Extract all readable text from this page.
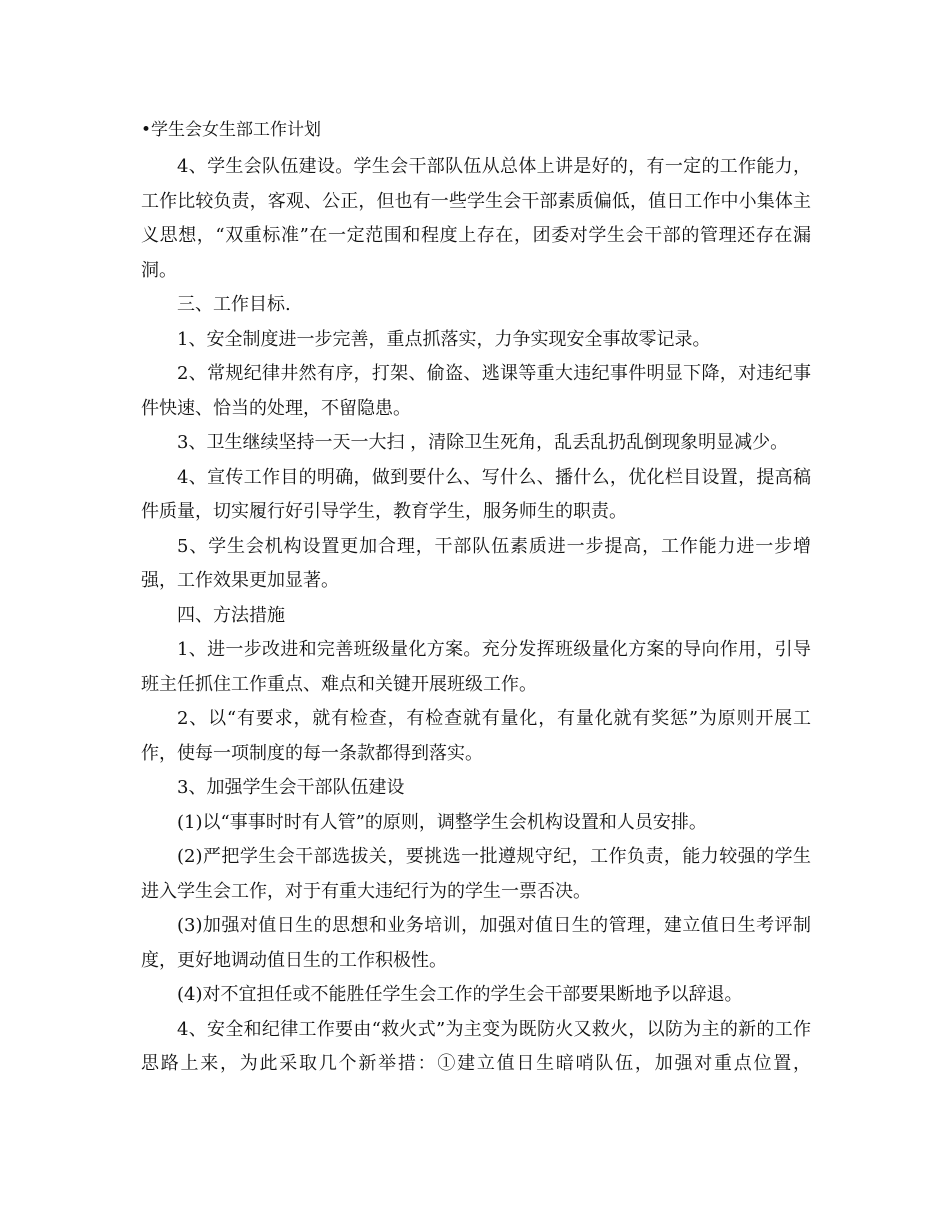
•学生会女生部工作计划

4、学生会队伍建设。学生会干部队伍从总体上讲是好的，有一定的工作能力，工作比较负责，客观、公正，但也有一些学生会干部素质偏低，值日工作中小集体主义思想，“双重标准”在一定范围和程度上存在，团委对学生会干部的管理还存在漏洞。

三、工作目标.

1、安全制度进一步完善，重点抓落实，力争实现安全事故零记录。

2、常规纪律井然有序，打架、偷盗、逃课等重大违纪事件明显下降，对违纪事件快速、恰当的处理，不留隐患。

3、卫生继续坚持一天一大扫 ，清除卫生死角，乱丢乱扔乱倒现象明显减少。

4、宣传工作目的明确，做到要什么、写什么、播什么，优化栏目设置，提高稿件质量，切实履行好引导学生，教育学生，服务师生的职责。

5、学生会机构设置更加合理，干部队伍素质进一步提高，工作能力进一步增强，工作效果更加显著。

四、方法措施

1、进一步改进和完善班级量化方案。充分发挥班级量化方案的导向作用，引导班主任抓住工作重点、难点和关键开展班级工作。

2、以“有要求，就有检查，有检查就有量化，有量化就有奖惩”为原则开展工作，使每一项制度的每一条款都得到落实。

3、加强学生会干部队伍建设

(1)以“事事时时有人管”的原则，调整学生会机构设置和人员安排。

(2)严把学生会干部选拔关，要挑选一批遵规守纪，工作负责，能力较强的学生进入学生会工作，对于有重大违纪行为的学生一票否决。

(3)加强对值日生的思想和业务培训，加强对值日生的管理，建立值日生考评制度，更好地调动值日生的工作积极性。

(4)对不宜担任或不能胜任学生会工作的学生会干部要果断地予以辞退。

4、安全和纪律工作要由“救火式”为主变为既防火又救火，以防为主的新的工作思路上来，为此采取几个新举措：①建立值日生暗哨队伍，加强对重点位置，
